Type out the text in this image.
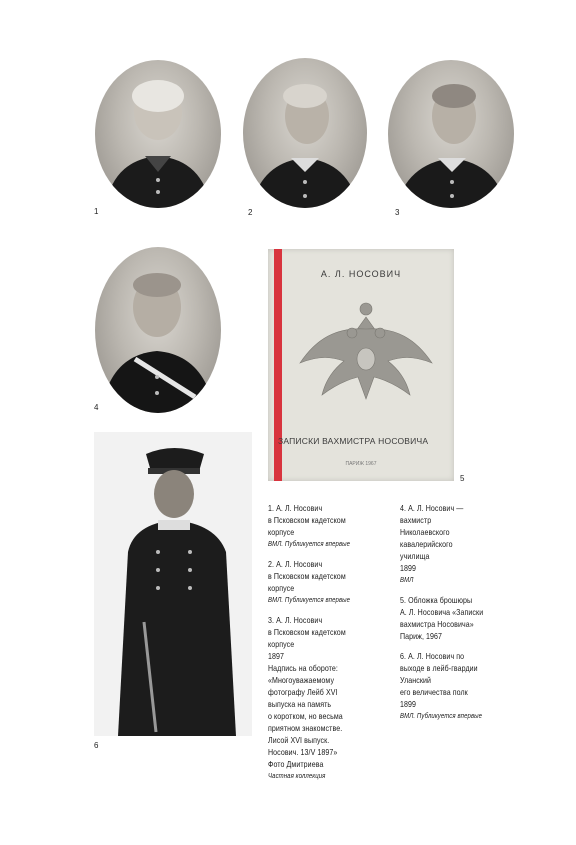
1	2	3
4
А. Л. НОСОВИЧ
ЗАПИСКИ ВАХМИСТРА НОСОВИЧА
ПАРИЖ 1967
5
6
1. А. Л. Носович
в Псковском кадетском
корпусе
ВМЛ. Публикуется впервые
2. А. Л. Носович
в Псковском кадетском
корпусе
ВМЛ. Публикуется впервые
3. А. Л. Носович
в Псковском кадетском
корпусе
1897
Надпись на обороте:
«Многоуважаемому
фотографу Лейб XVI
выпуска на память
о коротком, но весьма
приятном знакомстве.
Лисой XVI выпуск.
Носович. 13/V 1897»
Фото Дмитриева
Частная коллекция
4. А. Л. Носович —
вахмистр
Николаевского
кавалерийского
училища
1899
ВМЛ
5. Обложка брошюры
А. Л. Носовича «Записки
вахмистра Носовича»
Париж, 1967
6. А. Л. Носович по
выходе в лейб-гвардии
Уланский
его величества полк
1899
ВМЛ. Публикуется впервые
